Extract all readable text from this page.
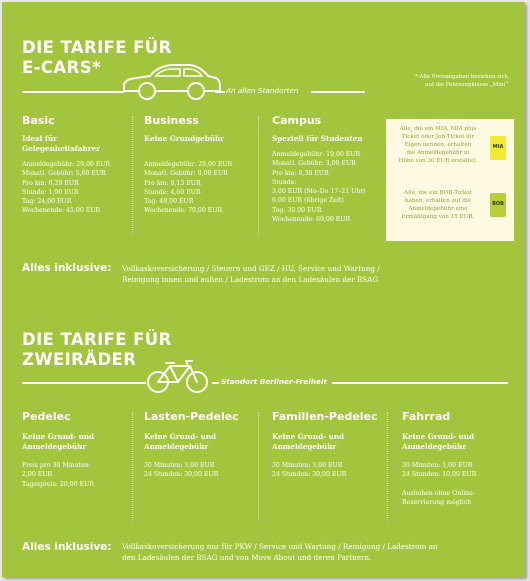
DIE TARIFE FÜR
E-CARS*
An allen Standorten
* Alle Preisangaben beziehen sich
auf die Fahrzeugklasse „Mini“
Basic
Ideal für
Gelegenheitsfahrer
Anmeldegebühr: 29,00 EUR
Monatl. Gebühr: 5,00 EUR
Pro km: 0,29 EUR
Stunde: 1,90 EUR
Tag: 24,00 EUR
Wochenende: 45,00 EUR
Business
Keine Grundgebühr
Anmeldegebühr: 29,00 EUR
Monatl. Gebühr: 0,00 EUR
Pro km: 0,13 EUR
Stunde: 4,60 EUR
Tag: 49,00 EUR
Wochenende: 79,00 EUR
Campus
Speziell für Studenten
Anmeldegebühr: 19,00 EUR
Monatl. Gebühr: 3,00 EUR
Pro km: 0,30 EUR
Stunde:
3,00 EUR (Mo–Do 17–21 Uhr)
6,00 EUR (übrige Zeit)
Tag: 39,00 EUR
Wochenende: 69,00 EUR
Alle, die ein MIA, MIA plus
Ticket oder Job-Ticket ihr
Eigen nennen, erhalten
die Anmeldegebühr in
Höhe von 30 EUR erstattet.
MIA
Alle, die ein BOB-Ticket
haben, erhalten auf die
Anmeldegebühr eine
Ermäßigung von 15 EUR.
BOB
Alles inklusive: Vollkaskoversicherung / Steuern und GEZ / HU, Service und Wartung /
Reinigung innen und außen / Ladestrom an den Ladesäulen der BSAG
DIE TARIFE FÜR
ZWEIRÄDER
Standort Berliner-Freiheit
Pedelec
Keine Grund- und
Anmeldegebühr
Preis pro 30 Minuten:
2,00 EUR
Tagespreis: 20,00 EUR
Lasten-Pedelec
Keine Grund- und
Anmeldegebühr
30 Minuten: 3,00 EUR
24 Stunden: 30,00 EUR
Familien-Pedelec
Keine Grund- und
Anmeldegebühr
30 Minuten: 3,00 EUR
24 Stunden: 30,00 EUR
Fahrrad
Keine Grund- und
Anmeldegebühr
30 Minuten: 1,00 EUR
24 Stunden: 10,00 EUR
Ausleihen ohne Online-
Reservierung möglich
Alles inklusive: Vollkaskoversicherung nur für PKW / Service und Wartung / Reinigung / Ladestrom an
den Ladesäulen der BSAG und von Move About und deren Partnern.
